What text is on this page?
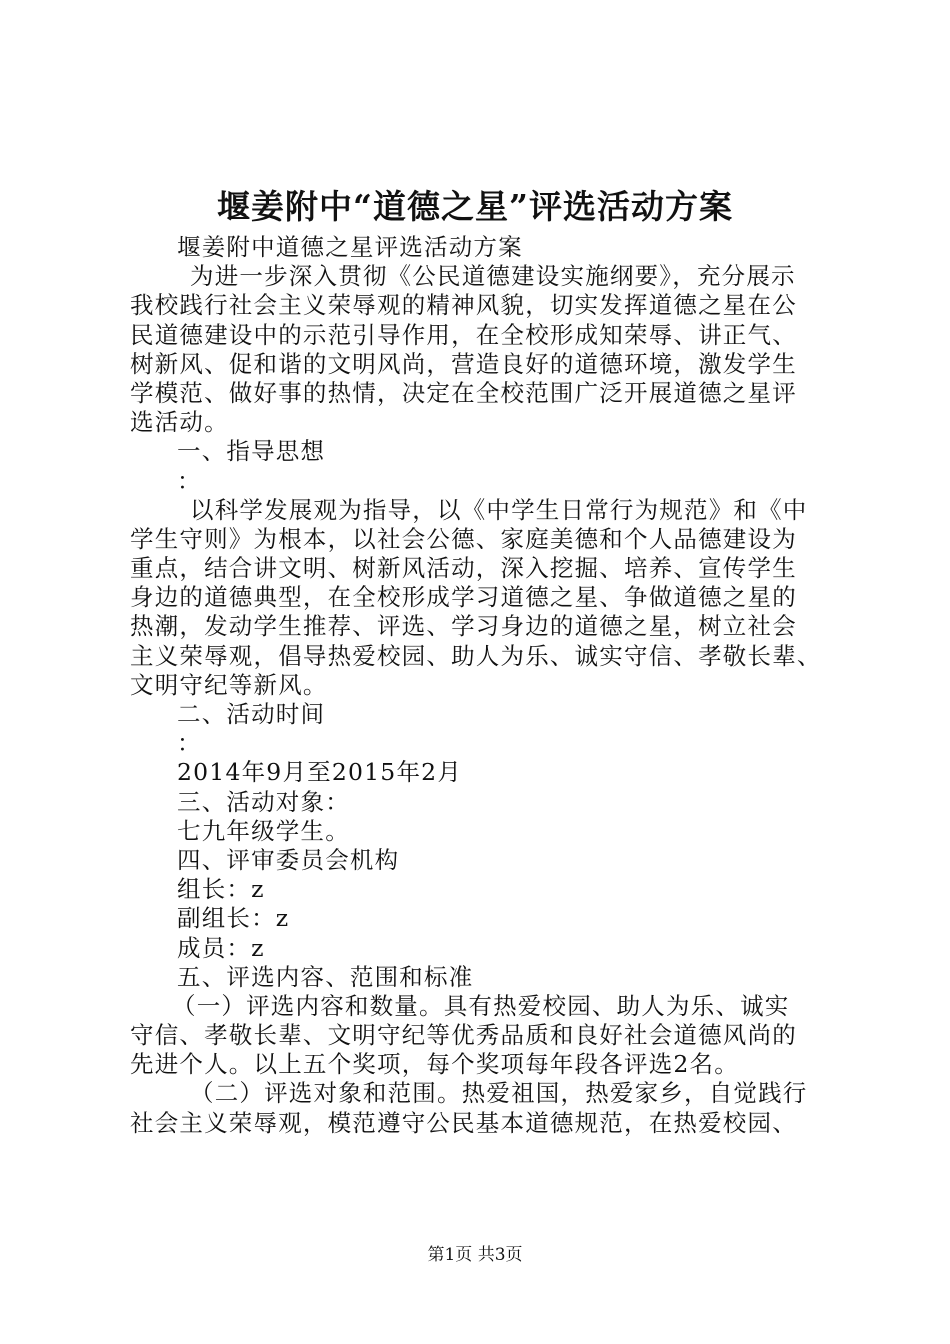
堰姜附中“道德之星”评选活动方案
堰姜附中道德之星评选活动方案
为进一步深入贯彻《公民道德建设实施纲要》，充分展示
我校践行社会主义荣辱观的精神风貌，切实发挥道德之星在公
民道德建设中的示范引导作用，在全校形成知荣辱、讲正气、
树新风、促和谐的文明风尚，营造良好的道德环境，激发学生
学模范、做好事的热情，决定在全校范围广泛开展道德之星评
选活动。
一、指导思想
：
以科学发展观为指导，以《中学生日常行为规范》和《中
学生守则》为根本，以社会公德、家庭美德和个人品德建设为
重点，结合讲文明、树新风活动，深入挖掘、培养、宣传学生
身边的道德典型，在全校形成学习道德之星、争做道德之星的
热潮，发动学生推荐、评选、学习身边的道德之星，树立社会
主义荣辱观，倡导热爱校园、助人为乐、诚实守信、孝敬长辈、
文明守纪等新风。
二、活动时间
：
2014年9月至2015年2月
三、活动对象：
七九年级学生。
四、评审委员会机构
组长：z
副组长：z
成员：z
五、评选内容、范围和标准
（一）评选内容和数量。具有热爱校园、助人为乐、诚实
守信、孝敬长辈、文明守纪等优秀品质和良好社会道德风尚的
先进个人。以上五个奖项，每个奖项每年段各评选2名。
（二）评选对象和范围。热爱祖国，热爱家乡，自觉践行
社会主义荣辱观，模范遵守公民基本道德规范，在热爱校园、
第1页 共3页
